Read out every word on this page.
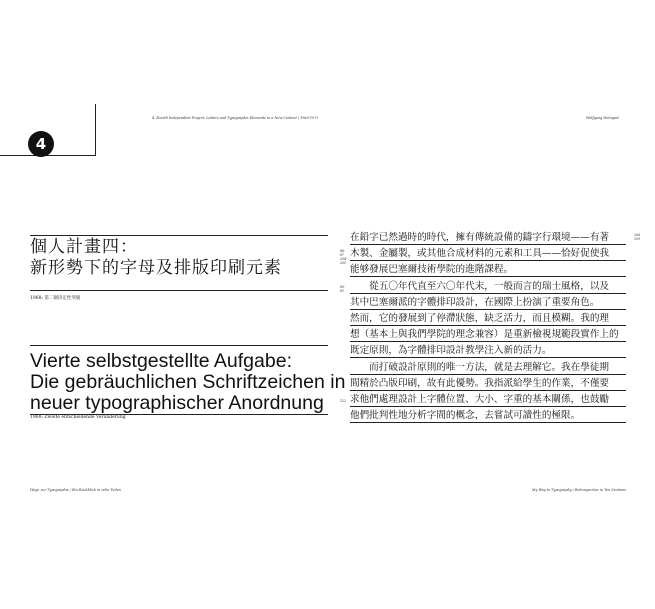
4
4. Fourth Independent Project: Letters and Typographic Elements in a New Context | 1969-1972	Wolfgang Weingart
個人計畫四：
新形勢下的字母及排版印刷元素
1968: 第二個決定性突破
Vierte selbstgestellte Aufgabe:
Die gebräuchlichen Schriftzeichen in
neuer typographischer Anordnung
1968: Zweite entscheidende Veränderung
在鉛字已然過時的時代，擁有傳統設備的鑄字行環境——有著
木製、金屬製，或其他合成材料的元素和工具——恰好促使我
能够發展巴塞爾技術學院的進階課程。
　　從五〇年代直至六〇年代末，一般而言的瑞士風格，以及
其中巴塞爾派的字體排印設計，在國際上扮演了重要角色。
然而，它的發展到了停滯狀態，缺乏活力，而且模糊。我的理
想（基本上與我們學院的理念兼容）是重新檢視規範段實作上的
既定原則，為字體排印設計教學注入新的活力。
　　而打破設計原則的唯一方法，就是去理解它。我在學徒期
間精於凸版印刷，故有此優勢。我指派給學生的作業，不僅要
求他們處理設計上字體位置、大小、字重的基本關係，也鼓勵
他們批判性地分析字間的概念，去嘗試可讀性的極限。
208
209
86-
87
204-
205
80-
81
122
Wege zur Typographie / Ein Rückblick in zehn Teilen	My Way to Typography / Retrospective in Ten Sections
